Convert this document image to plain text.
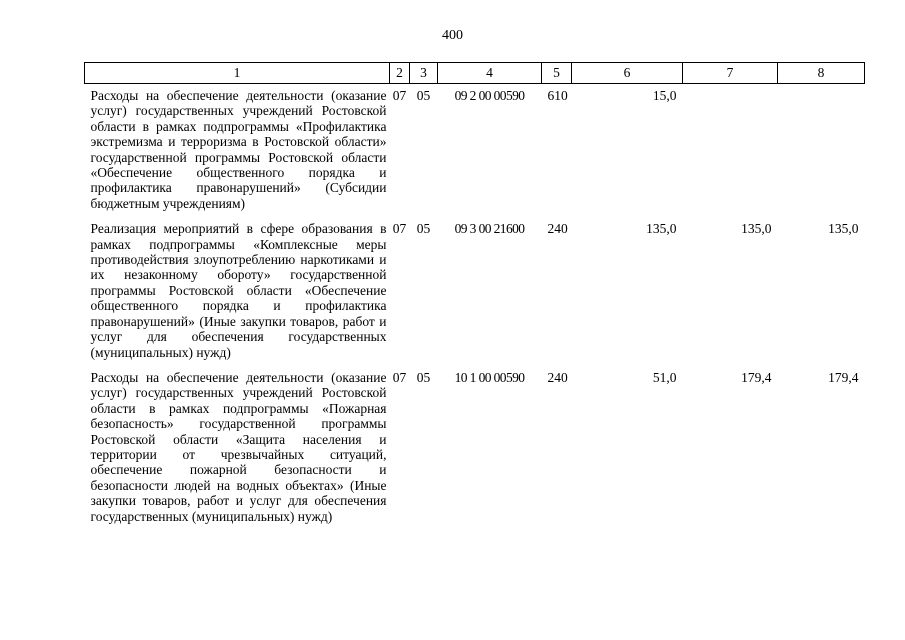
400
1	2	3	4	5	6	7	8
Расходы на обеспечение деятельности (оказание услуг) государственных учреждений Ростовской области в рамках подпрограммы «Профилактика экстремизма и терроризма в Ростовской области» государственной программы Ростовской области «Обеспечение общественного порядка и профилактика правонарушений» (Субсидии бюджетным учреждениям)	07	05	09 2 00 00590	610	15,0		
Реализация мероприятий в сфере образования в рамках подпрограммы «Комплексные меры противодействия злоупотреблению наркотиками и их незаконному обороту» государственной программы Ростовской области «Обеспечение общественного порядка и профилактика правонарушений» (Иные закупки товаров, работ и услуг для обеспечения государственных (муниципальных) нужд)	07	05	09 3 00 21600	240	135,0	135,0	135,0
Расходы на обеспечение деятельности (оказание услуг) государственных учреждений Ростовской области в рамках подпрограммы «Пожарная безопасность» государственной программы Ростовской области «Защита населения и территории от чрезвычайных ситуаций, обеспечение пожарной безопасности и безопасности людей на водных объектах» (Иные закупки товаров, работ и услуг для обеспечения государственных (муниципальных) нужд)	07	05	10 1 00 00590	240	51,0	179,4	179,4
